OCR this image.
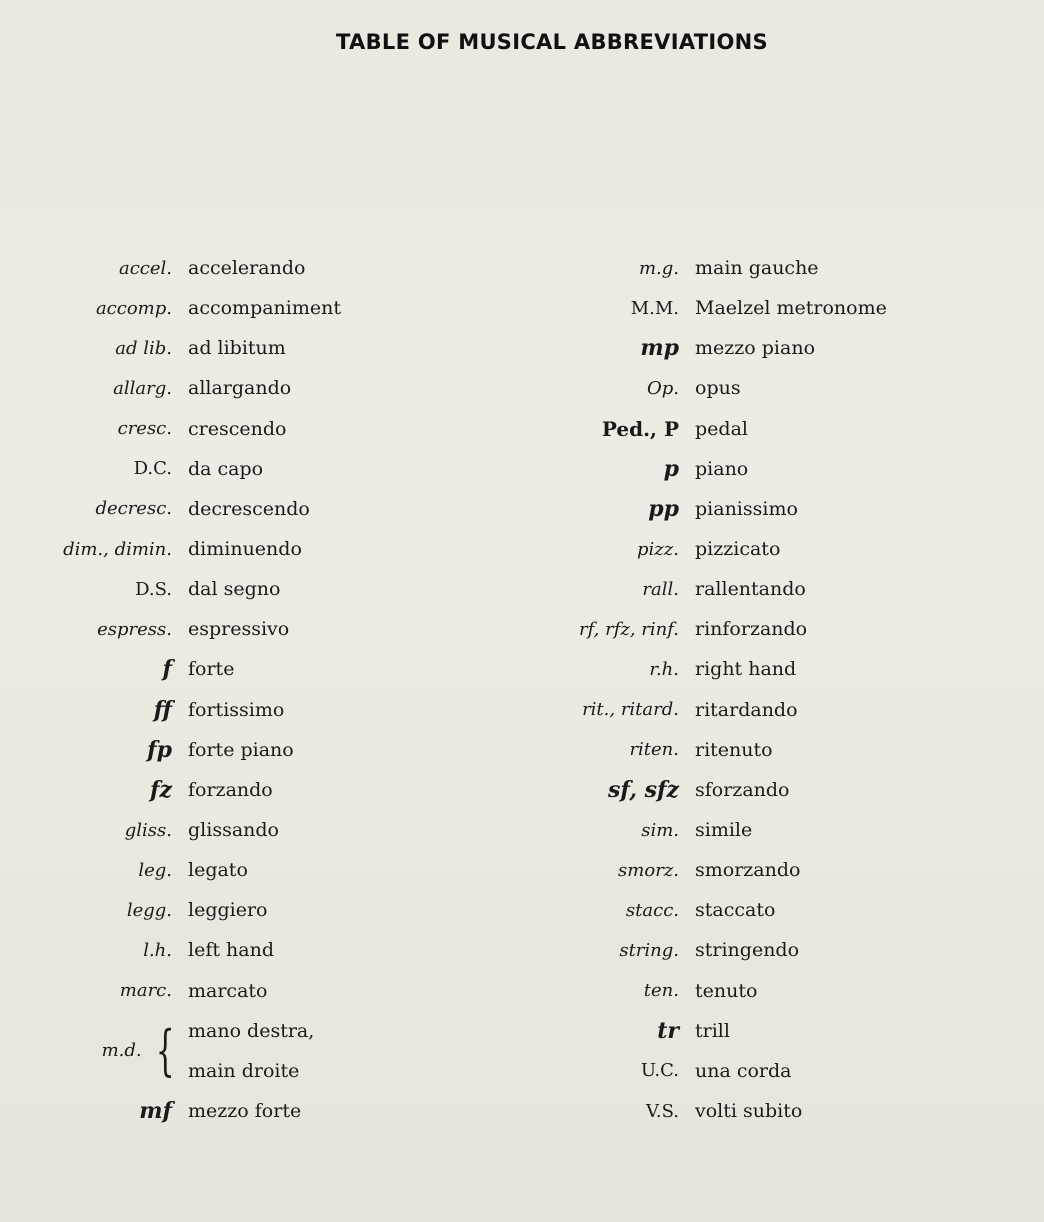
TABLE OF MUSICAL ABBREVIATIONS
accel. accelerando
accomp. accompaniment
ad lib. ad libitum
allarg. allargando
cresc. crescendo
D.C. da capo
decresc. decrescendo
dim., dimin. diminuendo
D.S. dal segno
espress. espressivo
f forte
ff fortissimo
fp forte piano
fz forzando
gliss. glissando
leg. legato
legg. leggiero
l.h. left hand
marc. marcato
m.d. { mano destra,
main droite
mf mezzo forte
m.g. main gauche
M.M. Maelzel metronome
mp mezzo piano
Op. opus
Ped., P pedal
p piano
pp pianissimo
pizz. pizzicato
rall. rallentando
rf, rfz, rinf. rinforzando
r.h. right hand
rit., ritard. ritardando
riten. ritenuto
sf, sfz sforzando
sim. simile
smorz. smorzando
stacc. staccato
string. stringendo
ten. tenuto
tr trill
U.C. una corda
V.S. volti subito
